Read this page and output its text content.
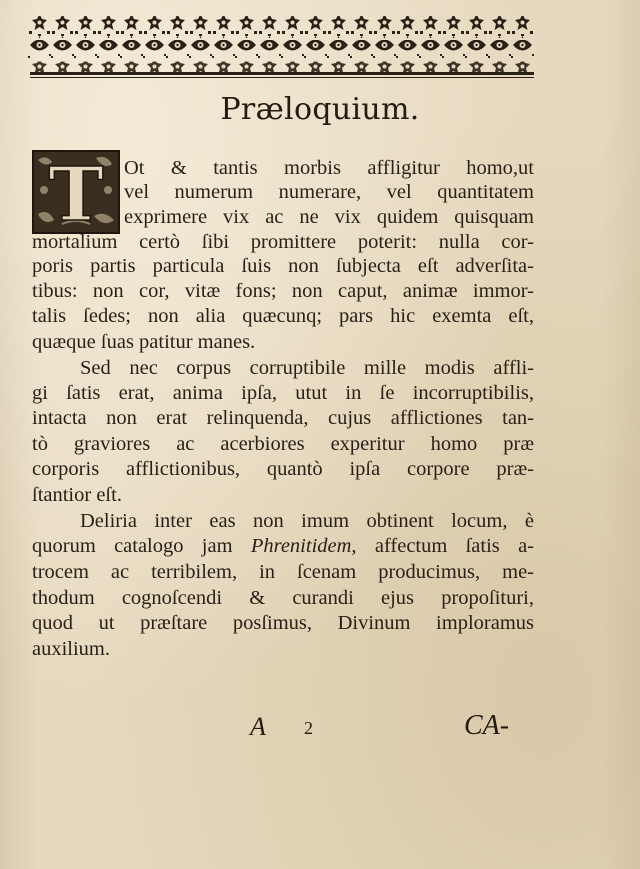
Præloquium.
T Ot & tantis morbis affligitur homo,ut
vel numerum numerare, vel quantitatem
exprimere vix ac ne vix quidem quisquam
mortalium certò ſibi promittere poterit: nulla cor-
poris partis particula ſuis non ſubjecta eſt adverſita-
tibus: non cor, vitæ fons; non caput, animæ immor-
talis ſedes; non alia quæcunq; pars hic exemta eſt,
quæque ſuas patitur manes.
Sed nec corpus corruptibile mille modis affli-
gi ſatis erat, anima ipſa, utut in ſe incorruptibilis,
intacta non erat relinquenda, cujus afflictiones tan-
tò graviores ac acerbiores experitur homo præ
corporis afflictionibus, quantò ipſa corpore præ-
ſtantior eſt.
Deliria inter eas non imum obtinent locum, è
quorum catalogo jam Phrenitidem, affectum ſatis a-
trocem ac terribilem, in ſcenam producimus, me-
thodum cognoſcendi & curandi ejus propoſituri,
quod ut præſtare posſimus, Divinum imploramus
auxilium.
A 2	CA-
